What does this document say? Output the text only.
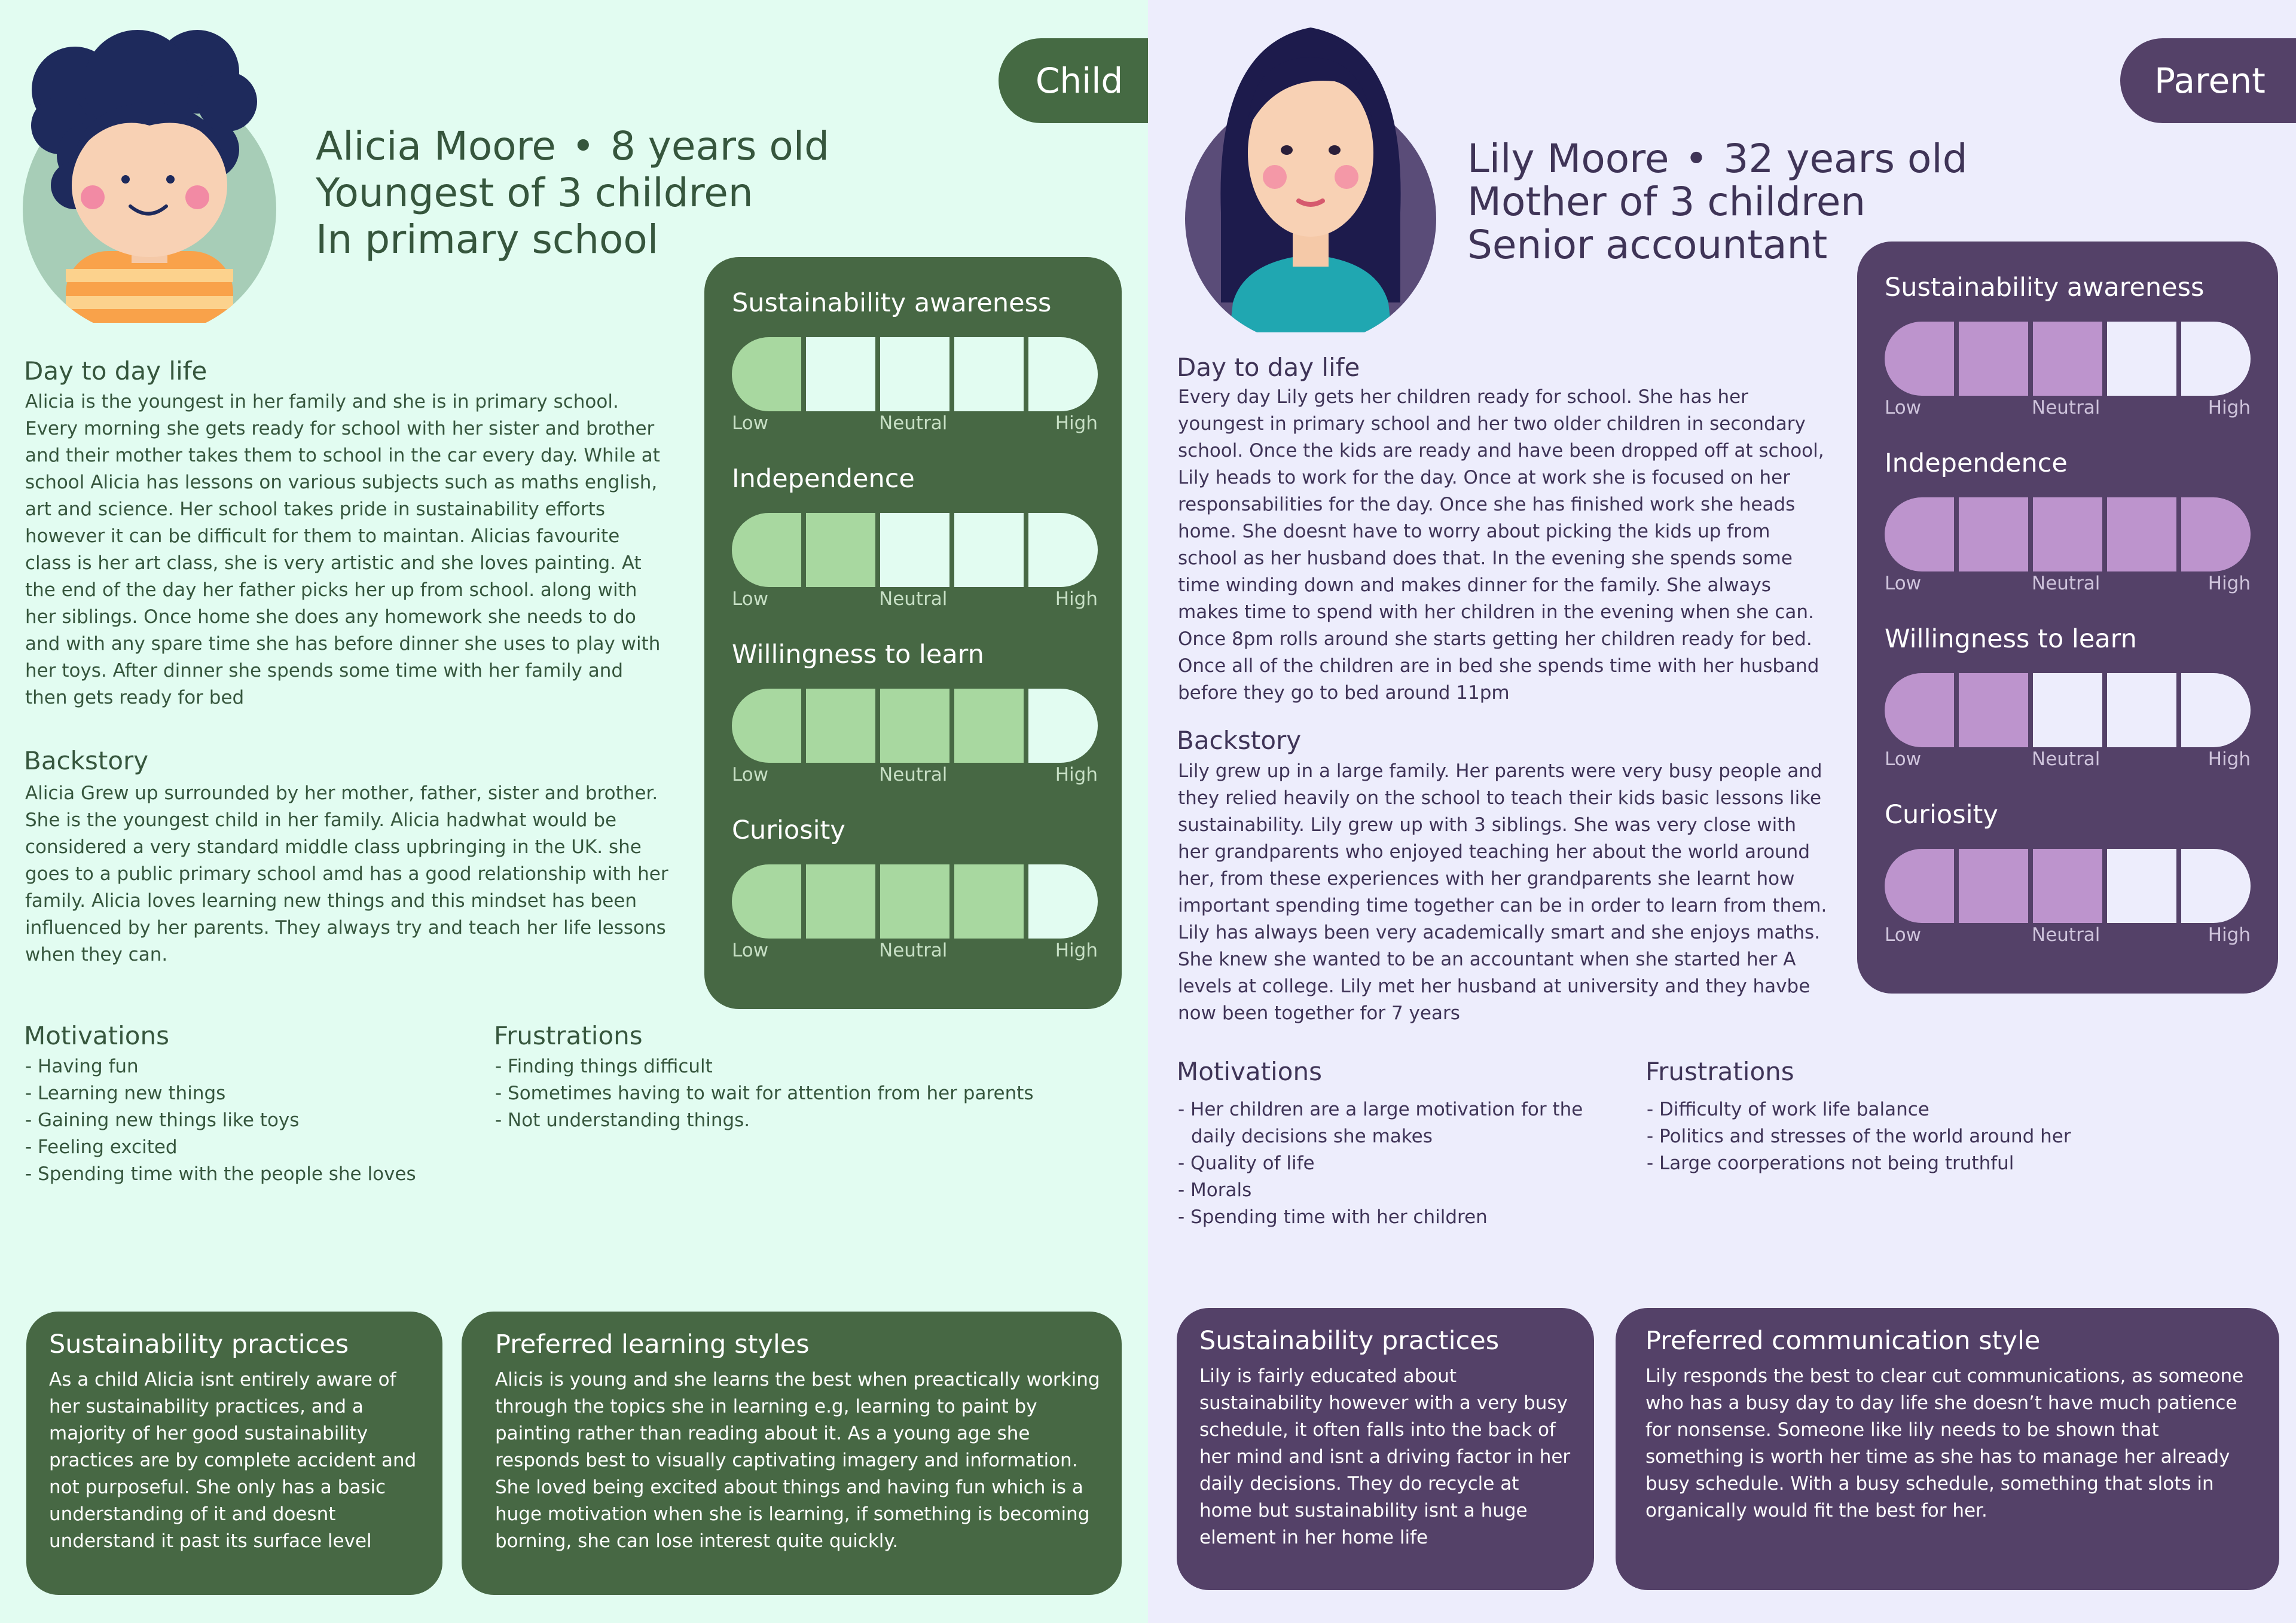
Child
Alicia Moore • 8 years old
Youngest of 3 children
In primary school
Day to day life
Alicia is the youngest in her family and she is in primary school. Every morning she gets ready for school with her sister and brother and their mother takes them to school in the car every day. While at school Alicia has lessons on various subjects such as maths english, art and science. Her school takes pride in sustainability efforts however it can be difficult for them to maintan. Alicias favourite class is her art class, she is very artistic and she loves painting. At the end of the day her father picks her up from school. along with her siblings. Once home she does any homework she needs to do and with any spare time she has before dinner she uses to play with her toys. After dinner she spends some time with her family and then gets ready for bed
Backstory
Alicia Grew up surrounded by her mother, father, sister and brother. She is the youngest child in her family. Alicia hadwhat would be considered a very standard middle class upbringing in the UK. she goes to a public primary school amd has a good relationship with her family. Alicia loves learning new things and this mindset has been influenced by her parents. They always try and teach her life lessons when they can.
Motivations
- Having fun
- Learning new things
- Gaining new things like toys
- Feeling excited
- Spending time with the people she loves
Frustrations
- Finding things difficult
- Sometimes having to wait for attention from her parents
- Not understanding things.
Sustainability awareness
Low	Neutral	High
Independence
Low	Neutral	High
Willingness to learn
Low	Neutral	High
Curiosity
Low	Neutral	High
Sustainability practices
As a child Alicia isnt entirely aware of her sustainability practices, and a majority of her good sustainability practices are by complete accident and not purposeful. She only has a basic understanding of it and doesnt understand it past its surface level
Preferred learning styles
Alicis is young and she learns the best when preactically working through the topics she in learning e.g, learning to paint by painting rather than reading about it. As a young age she responds best to visually captivating imagery and information. She loved being excited about things and having fun which is a huge motivation when she is learning, if something is becoming borning, she can lose interest quite quickly.
Parent
Lily Moore • 32 years old
Mother of 3 children
Senior accountant
Day to day life
Every day Lily gets her children ready for school. She has her youngest in primary school and her two older children in secondary school. Once the kids are ready and have been dropped off at school, Lily heads to work for the day. Once at work she is focused on her responsabilities for the day. Once she has finished work she heads home. She doesnt have to worry about picking the kids up from school as her husband does that. In the evening she spends some time winding down and makes dinner for the family. She always makes time to spend with her children in the evening when she can. Once 8pm rolls around she starts getting her children ready for bed. Once all of the children are in bed she spends time with her husband before they go to bed around 11pm
Backstory
Lily grew up in a large family. Her parents were very busy people and they relied heavily on the school to teach their kids basic lessons like sustainability. Lily grew up with 3 siblings. She was very close with her grandparents who enjoyed teaching her about the world around her, from these experiences with her grandparents she learnt how important spending time together can be in order to learn from them. Lily has always been very academically smart and she enjoys maths. She knew she wanted to be an accountant when she started her A levels at college. Lily met her husband at university and they havbe now been together for 7 years
Motivations
- Her children are a large motivation for the daily decisions she makes
- Quality of life
- Morals
- Spending time with her children
Frustrations
- Difficulty of work life balance
- Politics and stresses of the world around her
- Large coorperations not being truthful
Sustainability awareness
Low	Neutral	High
Independence
Low	Neutral	High
Willingness to learn
Low	Neutral	High
Curiosity
Low	Neutral	High
Sustainability practices
Lily is fairly educated about sustainability however with a very busy schedule, it often falls into the back of her mind and isnt a driving factor in her daily decisions. They do recycle at home but sustainability isnt a huge element in her home life
Preferred communication style
Lily responds the best to clear cut communications, as someone who has a busy day to day life she doesn’t have much patience for nonsense. Someone like lily needs to be shown that something is worth her time as she has to manage her already busy schedule. With a busy schedule, something that slots in organically would fit the best for her.
